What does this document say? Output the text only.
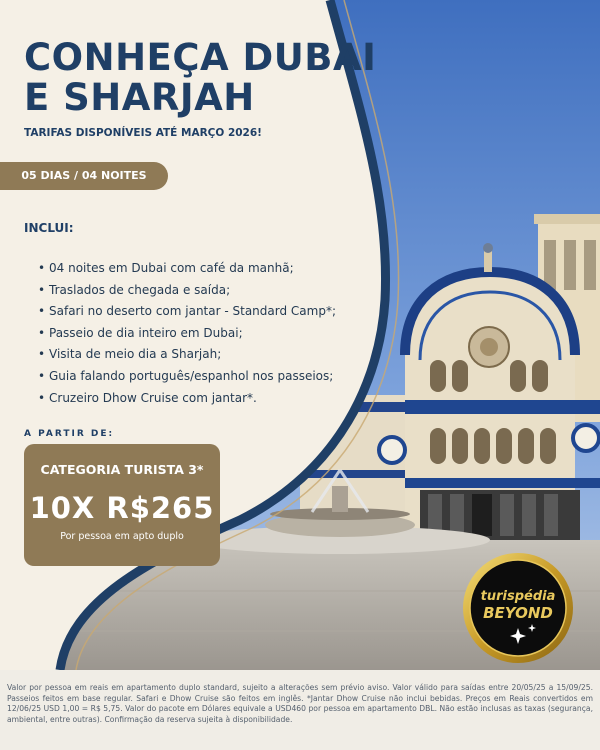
CONHEÇA DUBAI
E SHARJAH
TARIFAS DISPONÍVEIS ATÉ MARÇO 2026!
05 DIAS / 04 NOITES
INCLUI:
• 04 noites em Dubai com café da manhã;
• Traslados de chegada e saída;
• Safari no deserto com jantar - Standard Camp*;
• Passeio de dia inteiro em Dubai;
• Visita de meio dia a Sharjah;
• Guia falando português/espanhol nos passeios;
• Cruzeiro Dhow Cruise com jantar*.
A PARTIR DE:
CATEGORIA TURISTA 3*
10X R$265
Por pessoa em apto duplo
turispédia
BEYOND

Valor por pessoa em reais em apartamento duplo standard, sujeito a alterações sem prévio aviso. Valor válido para saídas entre 20/05/25 a 15/09/25. Passeios feitos em base regular. Safari e Dhow Cruise são feitos em inglês. *Jantar Dhow Cruise não inclui bebidas. Preços em Reais convertidos em 12/06/25 USD 1,00 = R$ 5,75. Valor do pacote em Dólares equivale a USD460 por pessoa em apartamento DBL. Não estão inclusas as taxas (segurança, ambiental, entre outras). Confirmação da reserva sujeita à disponibilidade.
